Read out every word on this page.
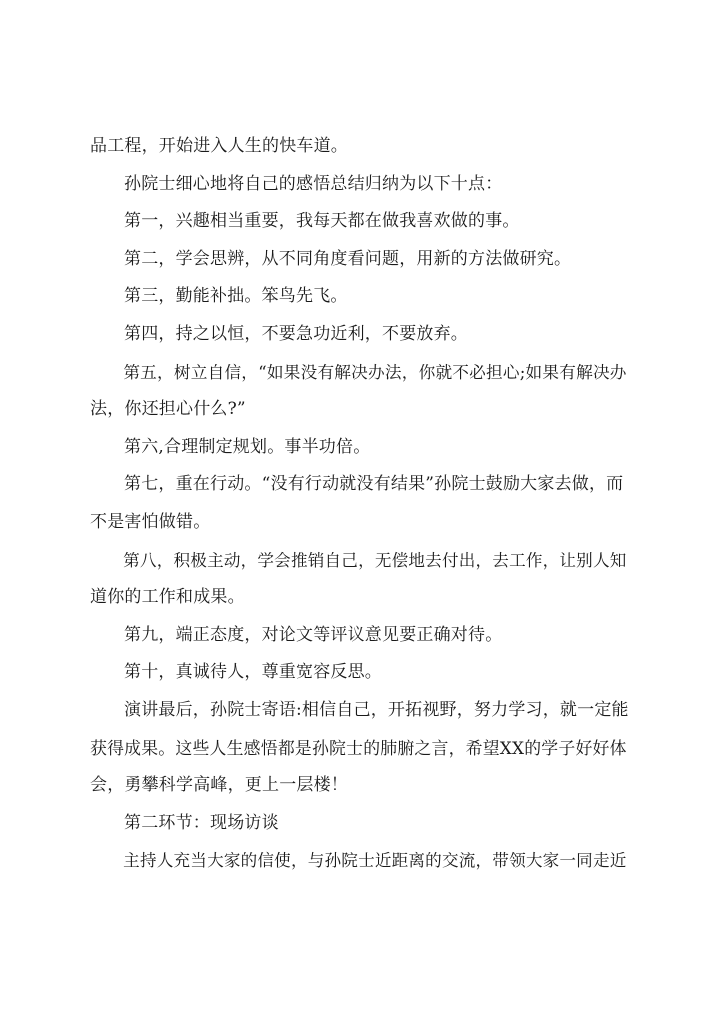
品工程，开始进入人生的快车道。

孙院士细心地将自己的感悟总结归纳为以下十点：

第一，兴趣相当重要，我每天都在做我喜欢做的事。

第二，学会思辨，从不同角度看问题，用新的方法做研究。

第三，勤能补拙。笨鸟先飞。

第四，持之以恒，不要急功近利，不要放弃。

第五，树立自信，“如果没有解决办法，你就不必担心;如果有解决办

法，你还担心什么?”

第六,合理制定规划。事半功倍。

第七，重在行动。“没有行动就没有结果”孙院士鼓励大家去做，而

不是害怕做错。

第八，积极主动，学会推销自己，无偿地去付出，去工作，让别人知

道你的工作和成果。

第九，端正态度，对论文等评议意见要正确对待。

第十，真诚待人，尊重宽容反思。

演讲最后，孙院士寄语:相信自己，开拓视野，努力学习，就一定能

获得成果。这些人生感悟都是孙院士的肺腑之言，希望XX的学子好好体

会，勇攀科学高峰，更上一层楼！

第二环节：现场访谈

主持人充当大家的信使，与孙院士近距离的交流，带领大家一同走近
